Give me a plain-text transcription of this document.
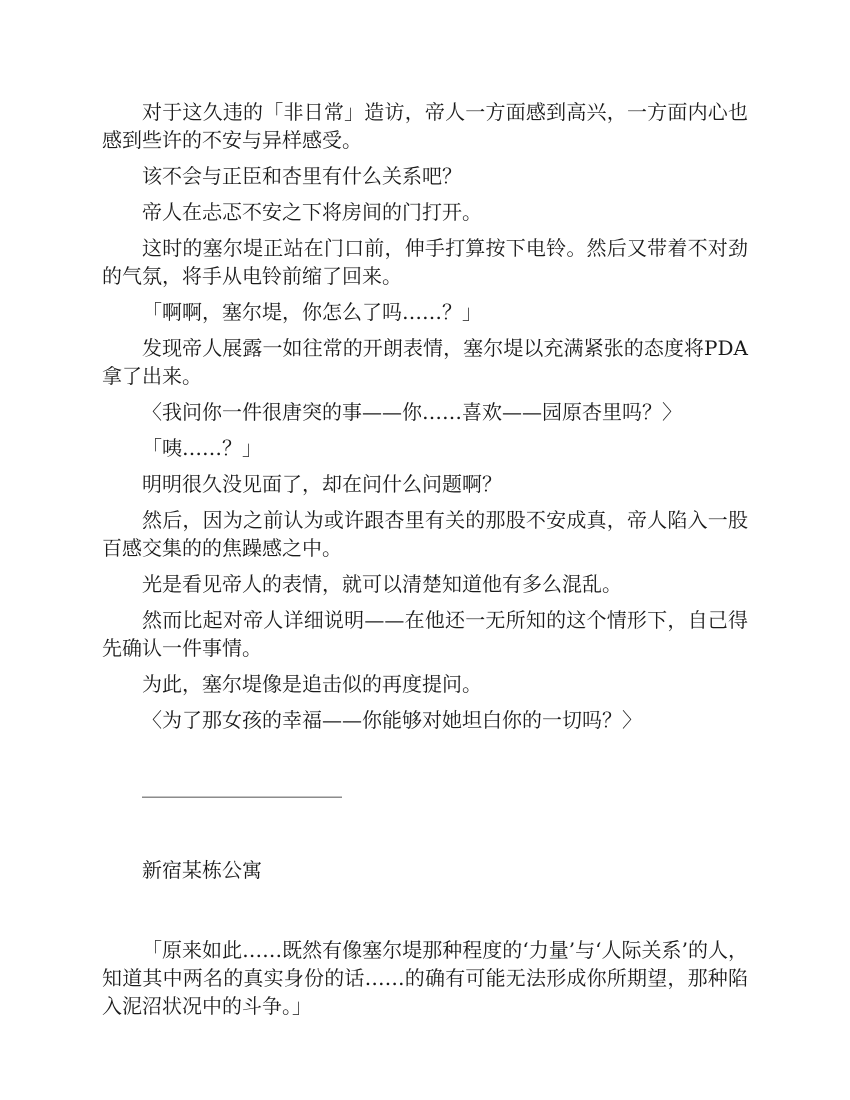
对于这久违的「非日常」造访，帝人一方面感到高兴，一方面内心也感到些许的不安与异样感受。

该不会与正臣和杏里有什么关系吧？

帝人在忐忑不安之下将房间的门打开。

这时的塞尔堤正站在门口前，伸手打算按下电铃。然后又带着不对劲的气氛，将手从电铃前缩了回来。

「啊啊，塞尔堤，你怎么了吗……？」

发现帝人展露一如往常的开朗表情，塞尔堤以充满紧张的态度将PDA拿了出来。

〈我问你一件很唐突的事——你……喜欢——园原杏里吗？〉

「咦……？」

明明很久没见面了，却在问什么问题啊？

然后，因为之前认为或许跟杏里有关的那股不安成真，帝人陷入一股百感交集的的焦躁感之中。

光是看见帝人的表情，就可以清楚知道他有多么混乱。

然而比起对帝人详细说明——在他还一无所知的这个情形下，自己得先确认一件事情。

为此，塞尔堤像是追击似的再度提问。

〈为了那女孩的幸福——你能够对她坦白你的一切吗？〉

____________________
新宿某栋公寓

「原来如此……既然有像塞尔堤那种程度的‘力量’与‘人际关系’的人，知道其中两名的真实身份的话……的确有可能无法形成你所期望，那种陷入泥沼状况中的斗争。」
